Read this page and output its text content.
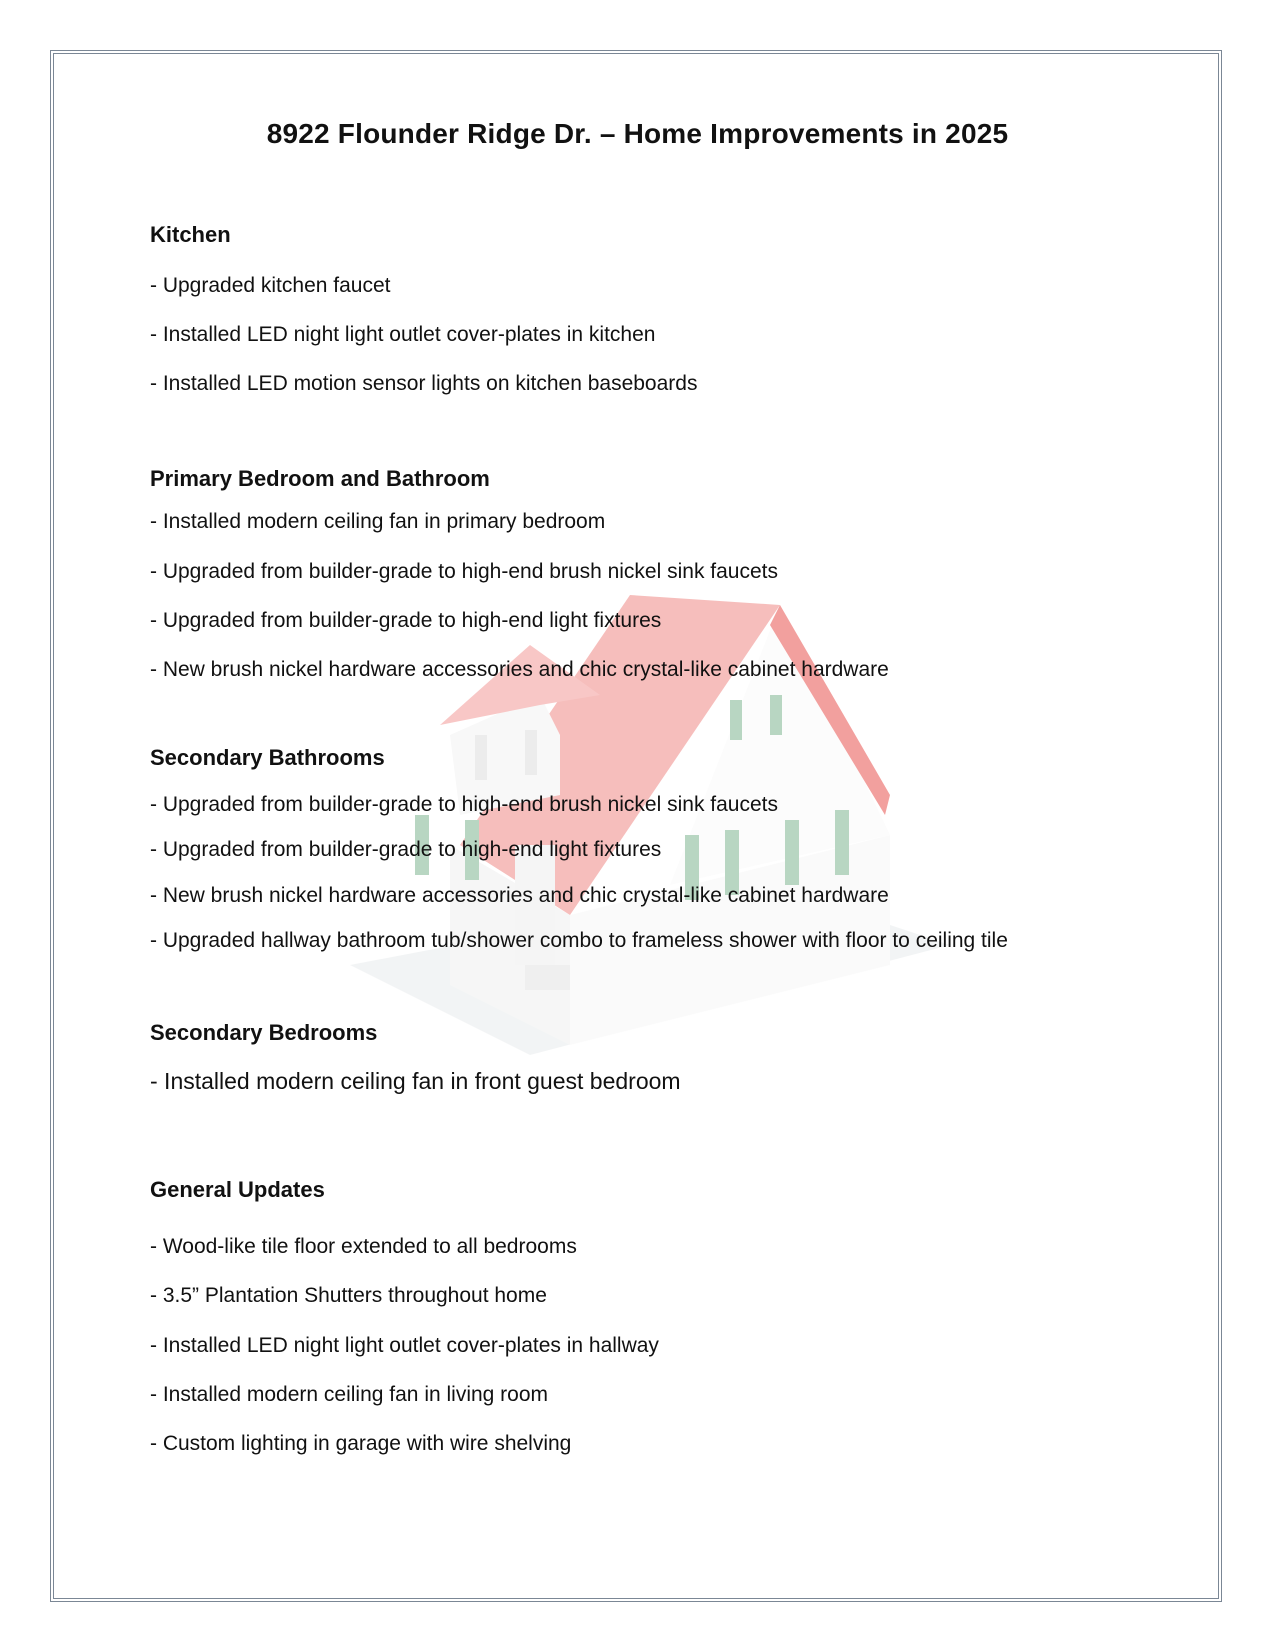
8922 Flounder Ridge Dr. – Home Improvements in 2025
Kitchen

- Upgraded kitchen faucet

- Installed LED night light outlet cover-plates in kitchen

- Installed LED motion sensor lights on kitchen baseboards

Primary Bedroom and Bathroom

- Installed modern ceiling fan in primary bedroom

- Upgraded from builder-grade to high-end brush nickel sink faucets

- Upgraded from builder-grade to high-end light fixtures

- New brush nickel hardware accessories and chic crystal-like cabinet hardware

Secondary Bathrooms

- Upgraded from builder-grade to high-end brush nickel sink faucets

- Upgraded from builder-grade to high-end light fixtures

- New brush nickel hardware accessories and chic crystal-like cabinet hardware

- Upgraded hallway bathroom tub/shower combo to frameless shower with floor to ceiling tile

Secondary Bedrooms

- Installed modern ceiling fan in front guest bedroom

General Updates

- Wood-like tile floor extended to all bedrooms

- 3.5” Plantation Shutters throughout home

- Installed LED night light outlet cover-plates in hallway

- Installed modern ceiling fan in living room

- Custom lighting in garage with wire shelving
